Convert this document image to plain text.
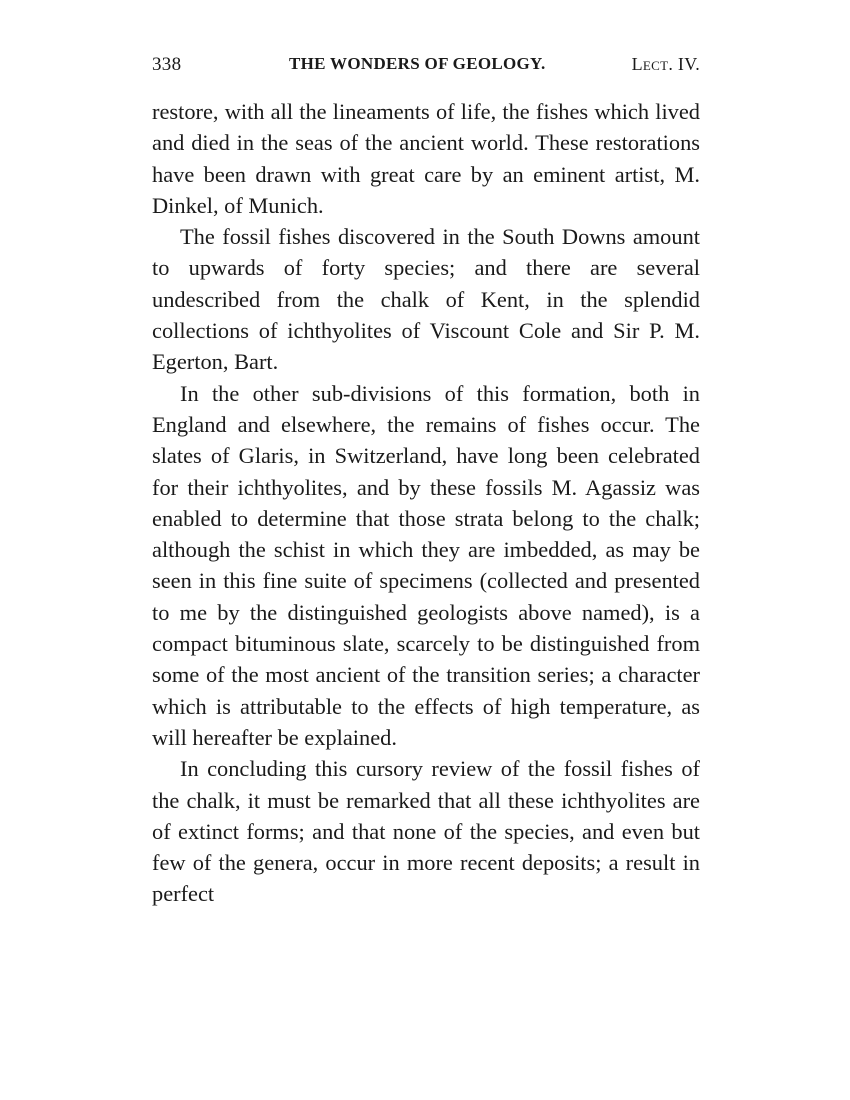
338	THE WONDERS OF GEOLOGY.	Lect. IV.

restore, with all the lineaments of life, the fishes which lived and died in the seas of the ancient world. These restorations have been drawn with great care by an eminent artist, M. Dinkel, of Munich.

The fossil fishes discovered in the South Downs amount to upwards of forty species; and there are several undescribed from the chalk of Kent, in the splendid collections of ichthyolites of Viscount Cole and Sir P. M. Egerton, Bart.

In the other sub-divisions of this formation, both in England and elsewhere, the remains of fishes occur. The slates of Glaris, in Switzerland, have long been celebrated for their ichthyolites, and by these fossils M. Agassiz was enabled to determine that those strata belong to the chalk; although the schist in which they are imbedded, as may be seen in this fine suite of specimens (collected and presented to me by the distinguished geologists above named), is a compact bituminous slate, scarcely to be distinguished from some of the most ancient of the transition series; a character which is attributable to the effects of high temperature, as will hereafter be explained.

In concluding this cursory review of the fossil fishes of the chalk, it must be remarked that all these ichthyolites are of extinct forms; and that none of the species, and even but few of the genera, occur in more recent deposits; a result in perfect
